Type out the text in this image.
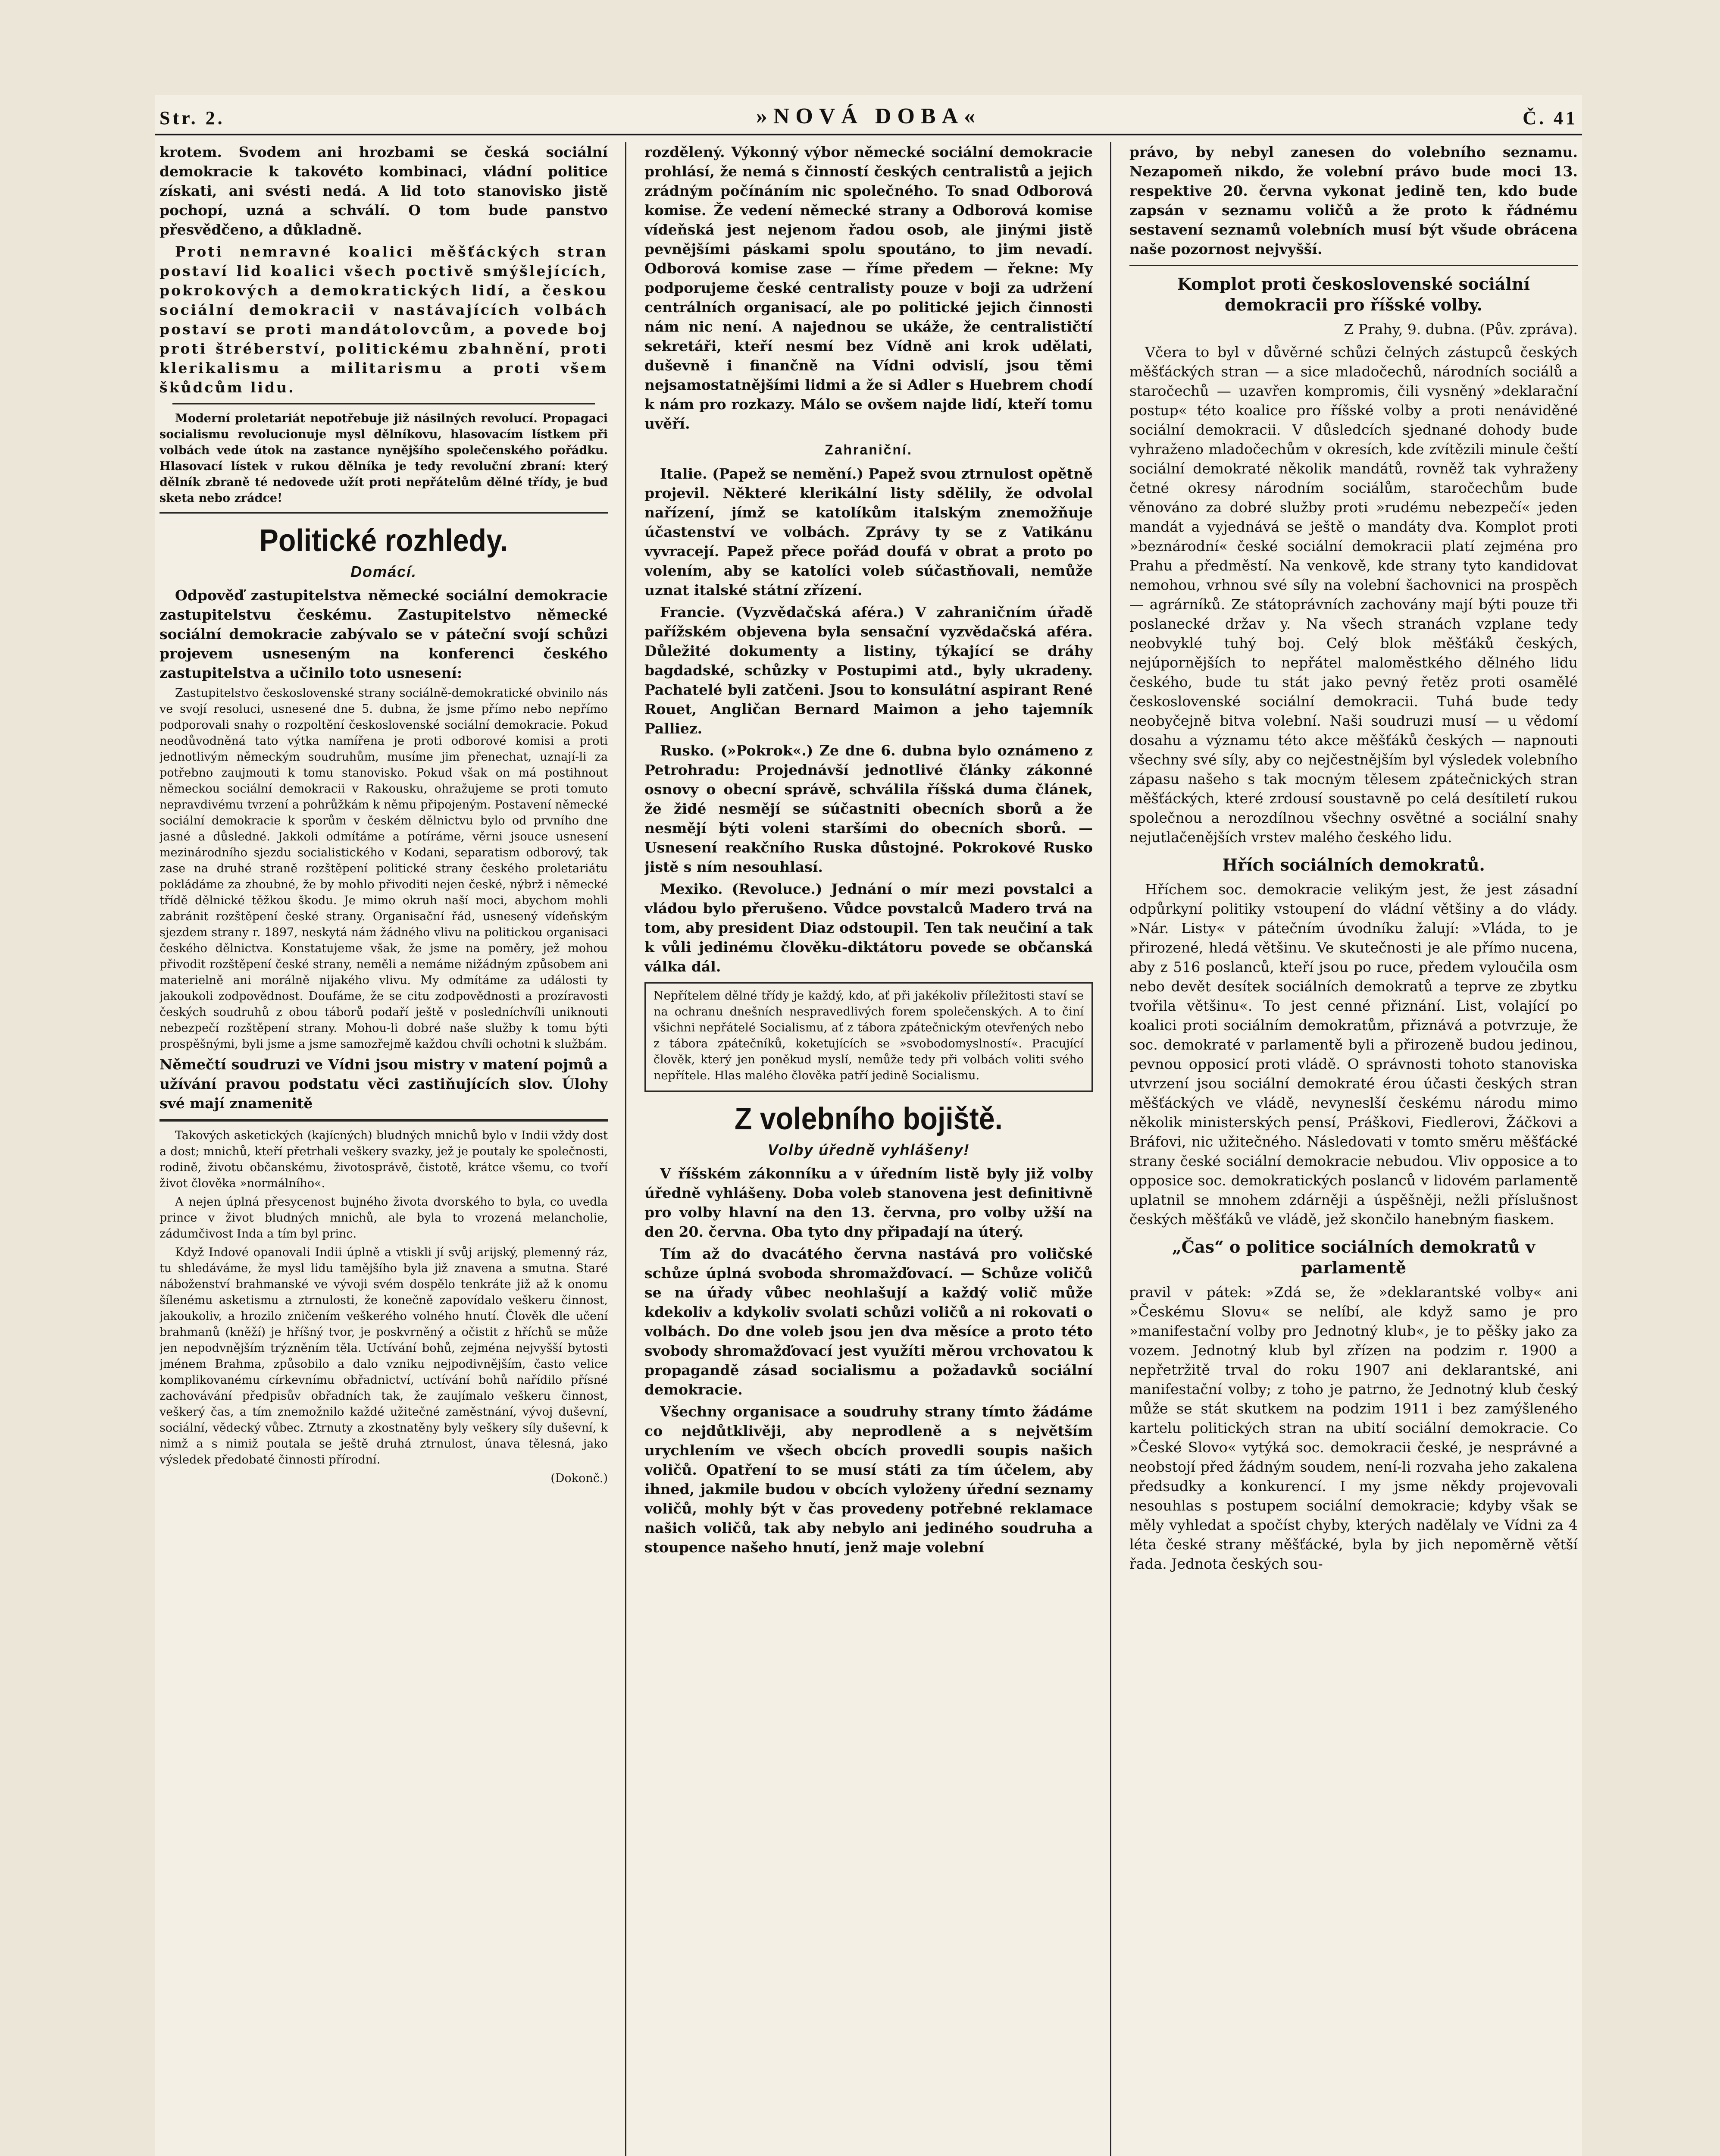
Str. 2.	»NOVÁ DOBA«	Č. 41

krotem. Svodem ani hrozbami se česká sociální demokracie k takovéto kombinaci, vládní politice získati, ani svésti nedá. A lid toto stanovisko jistě pochopí, uzná a schválí. O tom bude panstvo přesvědčeno, a důkladně.

Proti nemravné koalici měšťáckých stran postaví lid koalici všech poctivě smýšlejících, pokrokových a demokratických lidí, a českou sociální demokracii v nastávajících volbách postaví se proti mandátolovcům, a povede boj proti štréberství, politickému zbahnění, proti klerikalismu a militarismu a proti všem škůdcům lidu.

Moderní proletariát nepotřebuje již násilných revolucí. Propagaci socialismu revolucionuje mysl dělníkovu, hlasovacím lístkem při volbách vede útok na zastance nynějšího společenského pořádku. Hlasovací lístek v rukou dělníka je tedy revoluční zbraní: který dělník zbraně té nedovede užít proti nepřátelům dělné třídy, je buď sketa nebo zrádce!

Politické rozhledy.
Domácí.

Odpověď zastupitelstva německé sociální demokracie zastupitelstvu českému. Zastupitelstvo německé sociální demokracie zabývalo se v páteční svojí schůzi projevem usneseným na konferenci českého zastupitelstva a učinilo toto usnesení:

Zastupitelstvo československé strany sociálně-demokratické obvinilo nás ve svojí resoluci, usnesené dne 5. dubna, že jsme přímo nebo nepřímo podporovali snahy o rozpoltění československé sociální demokracie. Pokud neodůvodněná tato výtka namířena je proti odborové komisi a proti jednotlivým německým soudruhům, musíme jim přenechat, uznají-li za potřebno zaujmouti k tomu stanovisko. Pokud však on má postihnout německou sociální demokracii v Rakousku, ohražujeme se proti tomuto nepravdivému tvrzení a pohrůžkám k němu připojeným. Postavení německé sociální demokracie k sporům v českém dělnictvu bylo od prvního dne jasné a důsledné. Jakkoli odmítáme a potíráme, věrni jsouce usnesení mezinárodního sjezdu socialistického v Kodani, separatism odborový, tak zase na druhé straně rozštěpení politické strany českého proletariátu pokládáme za zhoubné, že by mohlo přivoditi nejen české, nýbrž i německé třídě dělnické těžkou škodu. Je mimo okruh naší moci, abychom mohli zabránit rozštěpení české strany. Organisační řád, usnesený vídeňským sjezdem strany r. 1897, neskytá nám žádného vlivu na politickou organisaci českého dělnictva. Konstatujeme však, že jsme na poměry, jež mohou přivodit rozštěpení české strany, neměli a nemáme nižádným způsobem ani materielně ani morálně nijakého vlivu. My odmítáme za události ty jakoukoli zodpovědnost. Doufáme, že se citu zodpovědnosti a prozíravosti českých soudruhů z obou táborů podaří ještě v posledníchvíli uniknouti nebezpečí rozštěpení strany. Mohou-li dobré naše služby k tomu býti prospěšnými, byli jsme a jsme samozřejmě každou chvíli ochotni k službám.

Němečtí soudruzi ve Vídni jsou mistry v matení pojmů a užívání pravou podstatu věci zastiňujících slov. Úlohy své mají znamenitě

Takových asketických (kajícných) bludných mnichů bylo v Indii vždy dost a dost; mnichů, kteří přetrhali veškery svazky, jež je poutaly ke společnosti, rodině, životu občanskému, životosprávě, čistotě, krátce všemu, co tvoří život člověka »normálního«.

A nejen úplná přesycenost bujného života dvorského to byla, co uvedla prince v život bludných mnichů, ale byla to vrozená melancholie, zádumčivost Inda a tím byl princ.

Když Indové opanovali Indii úplně a vtiskli jí svůj arijský, plemenný ráz, tu shledáváme, že mysl lidu tamějšího byla již znavena a smutna. Staré náboženství brahmanské ve vývoji svém dospělo tenkráte již až k onomu šílenému asketismu a ztrnulosti, že konečně zapovídalo veškeru činnost, jakoukoliv, a hrozilo zničením veškerého volného hnutí. Člověk dle učení brahmanů (kněží) je hříšný tvor, je poskvrněný a očistit z hříchů se může jen nepodvnějším trýzněním těla. Uctívání bohů, zejména nejvyšší bytosti jménem Brahma, způsobilo a dalo vzniku nejpodivnějším, často velice komplikovanému církevnímu obřadnictví, uctívání bohů nařídilo přísné zachovávání předpisův obřadních tak, že zaujímalo veškeru činnost, veškerý čas, a tím znemožnilo každé užitečné zaměstnání, vývoj duševní, sociální, vědecký vůbec. Ztrnuty a zkostnatěny byly veškery síly duševní, k nimž a s nimiž poutala se ještě druhá ztrnulost, únava tělesná, jako výsledek předobaté činnosti přírodní.

(Dokonč.)

rozdělený. Výkonný výbor německé sociální demokracie prohlásí, že nemá s činností českých centralistů a jejich zrádným počínáním nic společného. To snad Odborová komise. Že vedení německé strany a Odborová komise vídeňská jest nejenom řadou osob, ale jinými jistě pevnějšími páskami spolu spoutáno, to jim nevadí. Odborová komise zase — říme předem — řekne: My podporujeme české centralisty pouze v boji za udržení centrálních organisací, ale po politické jejich činnosti nám nic není. A najednou se ukáže, že centralističtí sekretáři, kteří nesmí bez Vídně ani krok udělati, duševně i finančně na Vídni odvislí, jsou těmi nejsamostatnějšími lidmi a že si Adler s Huebrem chodí k nám pro rozkazy. Málo se ovšem najde lidí, kteří tomu uvěří.

Zahraniční.

Italie. (Papež se nemění.) Papež svou ztrnulost opětně projevil. Některé klerikální listy sdělily, že odvolal nařízení, jímž se katolíkům italským znemožňuje účastenství ve volbách. Zprávy ty se z Vatikánu vyvracejí. Papež přece pořád doufá v obrat a proto po volením, aby se katolíci voleb súčastňovali, nemůže uznat italské státní zřízení.

Francie. (Vyzvědačská aféra.) V zahraničním úřadě pařížském objevena byla sensační vyzvědačská aféra. Důležité dokumenty a listiny, týkající se dráhy bagdadské, schůzky v Postupimi atd., byly ukradeny. Pachatelé byli zatčeni. Jsou to konsulátní aspirant René Rouet, Angličan Bernard Maimon a jeho tajemník Palliez.

Rusko. (»Pokrok«.) Ze dne 6. dubna bylo oznámeno z Petrohradu: Projednávší jednotlivé články zákonné osnovy o obecní správě, schválila říšská duma článek, že židé nesmějí se súčastniti obecních sborů a že nesmějí býti voleni staršími do obecních sborů. — Usnesení reakčního Ruska důstojné. Pokrokové Rusko jistě s ním nesouhlasí.

Mexiko. (Revoluce.) Jednání o mír mezi povstalci a vládou bylo přerušeno. Vůdce povstalců Madero trvá na tom, aby president Diaz odstoupil. Ten tak neučiní a tak k vůli jedinému člověku-diktátoru povede se občanská válka dál.

Nepřítelem dělné třídy je každý, kdo, ať při jakékoliv příležitosti staví se na ochranu dnešních nespravedlivých forem společenských. A to činí všichni nepřátelé Socialismu, ať z tábora zpátečnickým otevřených nebo z tábora zpátečníků, koketujících se »svobodomyslností«. Pracující člověk, který jen poněkud myslí, nemůže tedy při volbách voliti svého nepřítele. Hlas malého člověka patří jedině Socialismu.

Z volebního bojiště.
Volby úředně vyhlášeny!

V říšském zákonníku a v úředním listě byly již volby úředně vyhlášeny. Doba voleb stanovena jest definitivně pro volby hlavní na den 13. června, pro volby užší na den 20. června. Oba tyto dny připadají na úterý.

Tím až do dvacátého června nastává pro voličské schůze úplná svoboda shromažďovací. — Schůze voličů se na úřady vůbec neohlašují a každý volič může kdekoliv a kdykoliv svolati schůzi voličů a ni rokovati o volbách. Do dne voleb jsou jen dva měsíce a proto této svobody shromažďovací jest využíti měrou vrchovatou k propagandě zásad socialismu a požadavků sociální demokracie.

Všechny organisace a soudruhy strany tímto žádáme co nejdůtklivěji, aby neprodleně a s největším urychlením ve všech obcích provedli soupis našich voličů. Opatření to se musí státi za tím účelem, aby ihned, jakmile budou v obcích vyloženy úřední seznamy voličů, mohly být v čas provedeny potřebné reklamace našich voličů, tak aby nebylo ani jediného soudruha a stoupence našeho hnutí, jenž maje volební

právo, by nebyl zanesen do volebního seznamu. Nezapomeň nikdo, že volební právo bude moci 13. respektive 20. června vykonat jedině ten, kdo bude zapsán v seznamu voličů a že proto k řádnému sestavení seznamů volebních musí být všude obrácena naše pozornost nejvyšší.

Komplot proti československé sociální demokracii pro říšské volby.
Z Prahy, 9. dubna. (Pův. zpráva).

Včera to byl v důvěrné schůzi čelných zástupců českých měšťáckých stran — a sice mladočechů, národních sociálů a staročechů — uzavřen kompromis, čili vysněný »deklarační postup« této koalice pro říšské volby a proti nenáviděné sociální demokracii. V důsledcích sjednané dohody bude vyhraženo mladočechům v okresích, kde zvítězili minule čeští sociální demokraté několik mandátů, rovněž tak vyhraženy četné okresy národním sociálům, staročechům bude věnováno za dobré služby proti »rudému nebezpečí« jeden mandát a vyjednává se ještě o mandáty dva. Komplot proti »beznárodní« české sociální demokracii platí zejména pro Prahu a předměstí. Na venkově, kde strany tyto kandidovat nemohou, vrhnou své síly na volební šachovnici na prospěch — agrárníků. Ze státoprávních zachovány mají býti pouze tři poslanecké držav y. Na všech stranách vzplane tedy neobvyklé tuhý boj. Celý blok měšťáků českých, nejúpornějších to nepřátel maloměstkého dělného lidu českého, bude tu stát jako pevný řetěz proti osamělé československé sociální demokracii. Tuhá bude tedy neobyčejně bitva volební. Naši soudruzi musí — u vědomí dosahu a významu této akce měšťáků českých — napnouti všechny své síly, aby co nejčestnějším byl výsledek volebního zápasu našeho s tak mocným tělesem zpátečnických stran měšťáckých, které zrdousí soustavně po celá desítiletí rukou společnou a nerozdílnou všechny osvětné a sociální snahy nejutlačenějších vrstev malého českého lidu.

Hřích sociálních demokratů.

Hříchem soc. demokracie velikým jest, že jest zásadní odpůrkyní politiky vstoupení do vládní většiny a do vlády. »Nár. Listy« v pátečním úvodníku žalují: »Vláda, to je přirozené, hledá většinu. Ve skutečnosti je ale přímo nucena, aby z 516 poslanců, kteří jsou po ruce, předem vyloučila osm nebo devět desítek sociálních demokratů a teprve ze zbytku tvořila většinu«. To jest cenné přiznání. List, volající po koalici proti sociálním demokratům, přiznává a potvrzuje, že soc. demokraté v parlamentě byli a přirozeně budou jedinou, pevnou opposicí proti vládě. O správnosti tohoto stanoviska utvrzení jsou sociální demokraté érou účasti českých stran měšťáckých ve vládě, nevyneslší českému národu mimo několik ministerských pensí, Práškovi, Fiedlerovi, Žáčkovi a Bráfovi, nic užitečného. Následovati v tomto směru měšťácké strany české sociální demokracie nebudou. Vliv opposice a to opposice soc. demokratických poslanců v lidovém parlamentě uplatnil se mnohem zdárněji a úspěšněji, nežli příslušnost českých měšťáků ve vládě, jež skončilo hanebným fiaskem.

„Čas“ o politice sociálních demokratů v parlamentě

pravil v pátek: »Zdá se, že »deklarantské volby« ani »Českému Slovu« se nelíbí, ale když samo je pro »manifestační volby pro Jednotný klub«, je to pěšky jako za vozem. Jednotný klub byl zřízen na podzim r. 1900 a nepřetržitě trval do roku 1907 ani deklarantské, ani manifestační volby; z toho je patrno, že Jednotný klub český může se stát skutkem na podzim 1911 i bez zamýšleného kartelu politických stran na ubití sociální demokracie. Co »České Slovo« vytýká soc. demokracii české, je nesprávné a neobstojí před žádným soudem, není-li rozvaha jeho zakalena předsudky a konkurencí. I my jsme někdy projevovali nesouhlas s postupem sociální demokracie; kdyby však se měly vyhledat a spočíst chyby, kterých nadělaly ve Vídni za 4 léta české strany měšťácké, byla by jich nepoměrně větší řada. Jednota českých sou-
